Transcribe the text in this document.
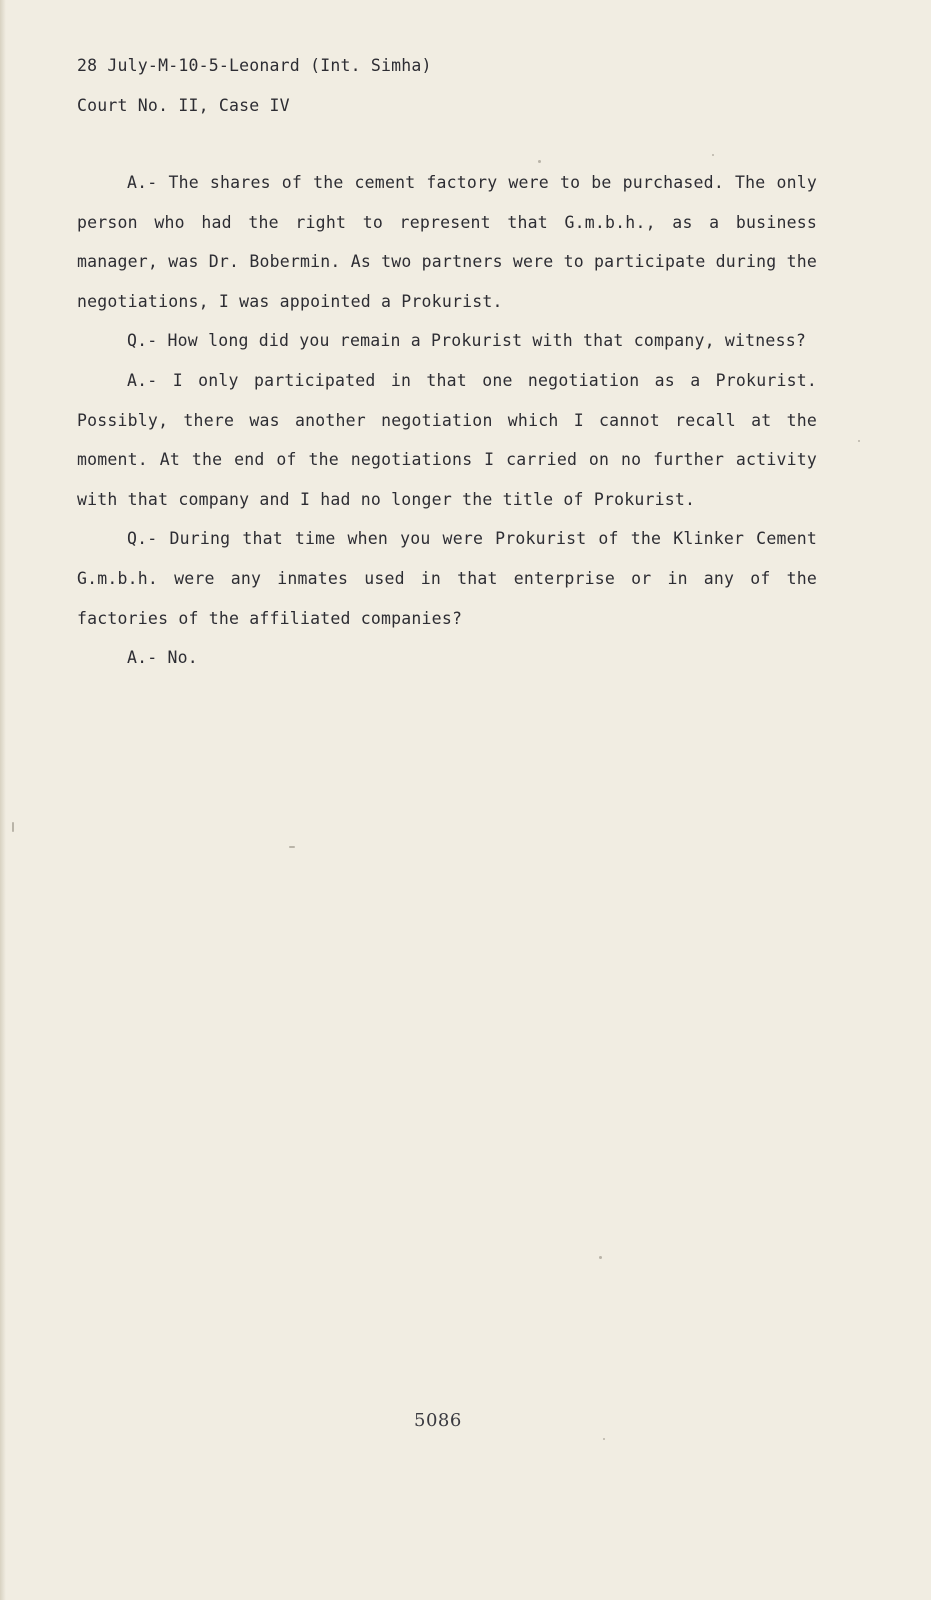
28 July-M-10-5-Leonard (Int. Simha)
Court No. II, Case IV

A.- The shares of the cement factory were to be purchased. The only person who had the right to represent that G.m.b.h., as a business manager, was Dr. Bobermin. As two partners were to participate during the negotiations, I was appointed a Prokurist.

Q.- How long did you remain a Prokurist with that company, witness?

A.- I only participated in that one negotiation as a Prokurist. Possibly, there was another negotiation which I cannot recall at the moment. At the end of the negotiations I carried on no further activity with that company and I had no longer the title of Prokurist.

Q.- During that time when you were Prokurist of the Klinker Cement G.m.b.h. were any inmates used in that enterprise or in any of the factories of the affiliated companies?

A.- No.

5086
